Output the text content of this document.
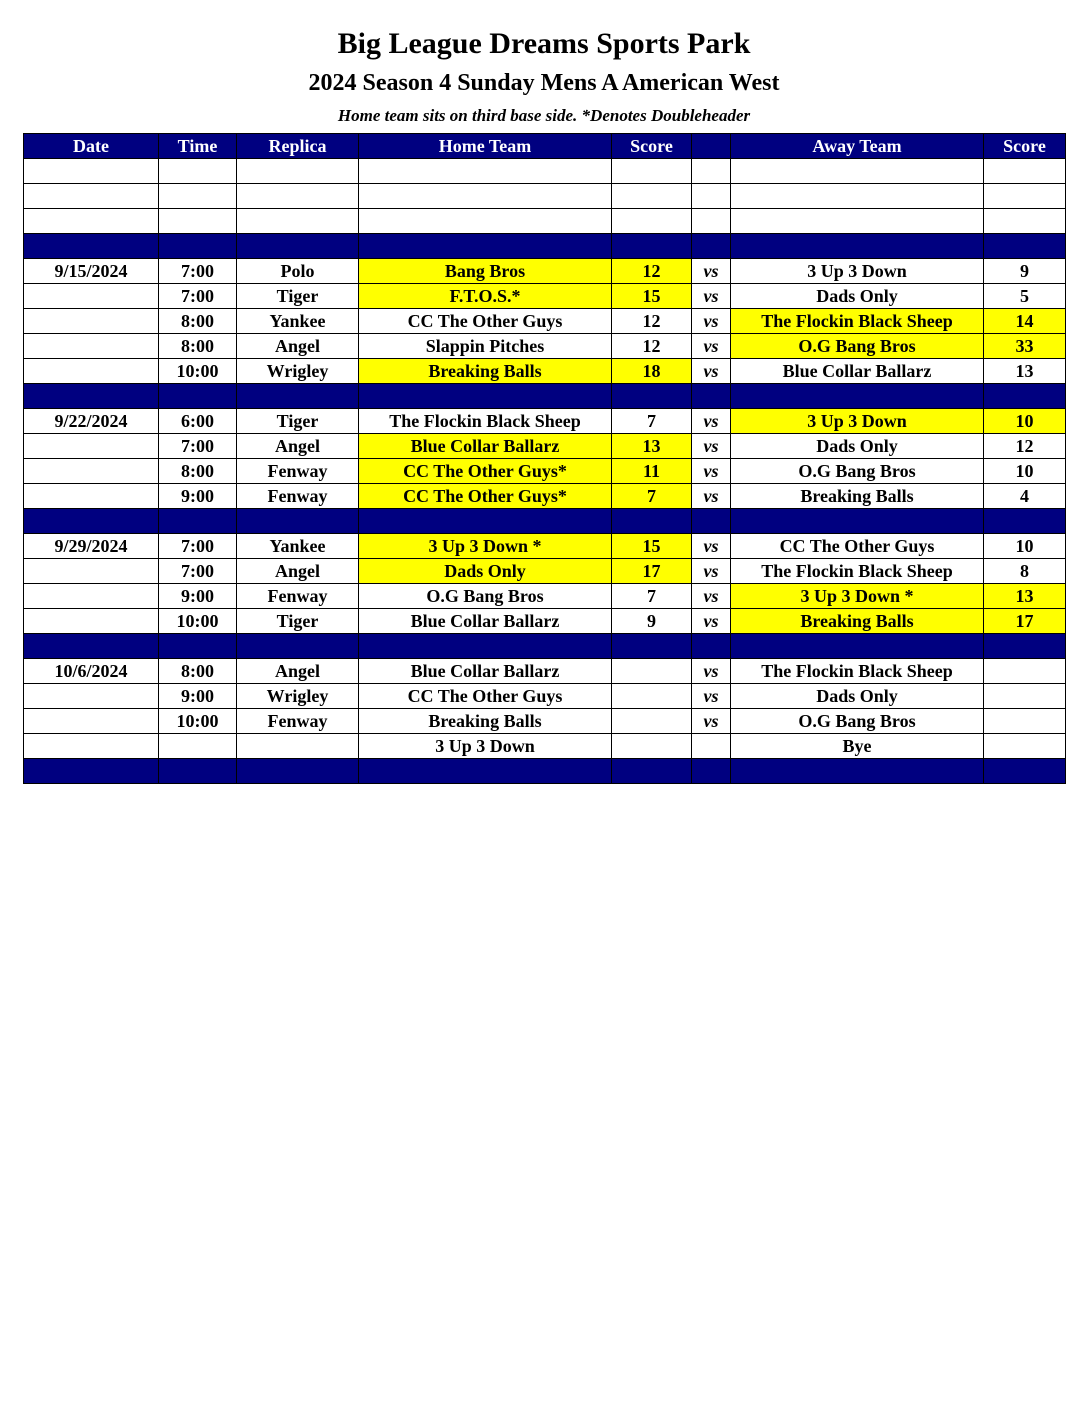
Big League Dreams Sports Park
2024 Season 4 Sunday Mens A American West
Home team sits on third base side. *Denotes Doubleheader
Date	Time	Replica	Home Team	Score		Away Team	Score

9/15/2024	7:00	Polo	Bang Bros	12	vs	3 Up 3 Down	9
	7:00	Tiger	F.T.O.S.*	15	vs	Dads Only	5
	8:00	Yankee	CC The Other Guys	12	vs	The Flockin Black Sheep	14
	8:00	Angel	Slappin Pitches	12	vs	O.G Bang Bros	33
	10:00	Wrigley	Breaking Balls	18	vs	Blue Collar Ballarz	13

9/22/2024	6:00	Tiger	The Flockin Black Sheep	7	vs	3 Up 3 Down	10
	7:00	Angel	Blue Collar Ballarz	13	vs	Dads Only	12
	8:00	Fenway	CC The Other Guys*	11	vs	O.G Bang Bros	10
	9:00	Fenway	CC The Other Guys*	7	vs	Breaking Balls	4

9/29/2024	7:00	Yankee	3 Up 3 Down *	15	vs	CC The Other Guys	10
	7:00	Angel	Dads Only	17	vs	The Flockin Black Sheep	8
	9:00	Fenway	O.G Bang Bros	7	vs	3 Up 3 Down *	13
	10:00	Tiger	Blue Collar Ballarz	9	vs	Breaking Balls	17

10/6/2024	8:00	Angel	Blue Collar Ballarz		vs	The Flockin Black Sheep	
	9:00	Wrigley	CC The Other Guys		vs	Dads Only	
	10:00	Fenway	Breaking Balls		vs	O.G Bang Bros	
			3 Up 3 Down			Bye	
